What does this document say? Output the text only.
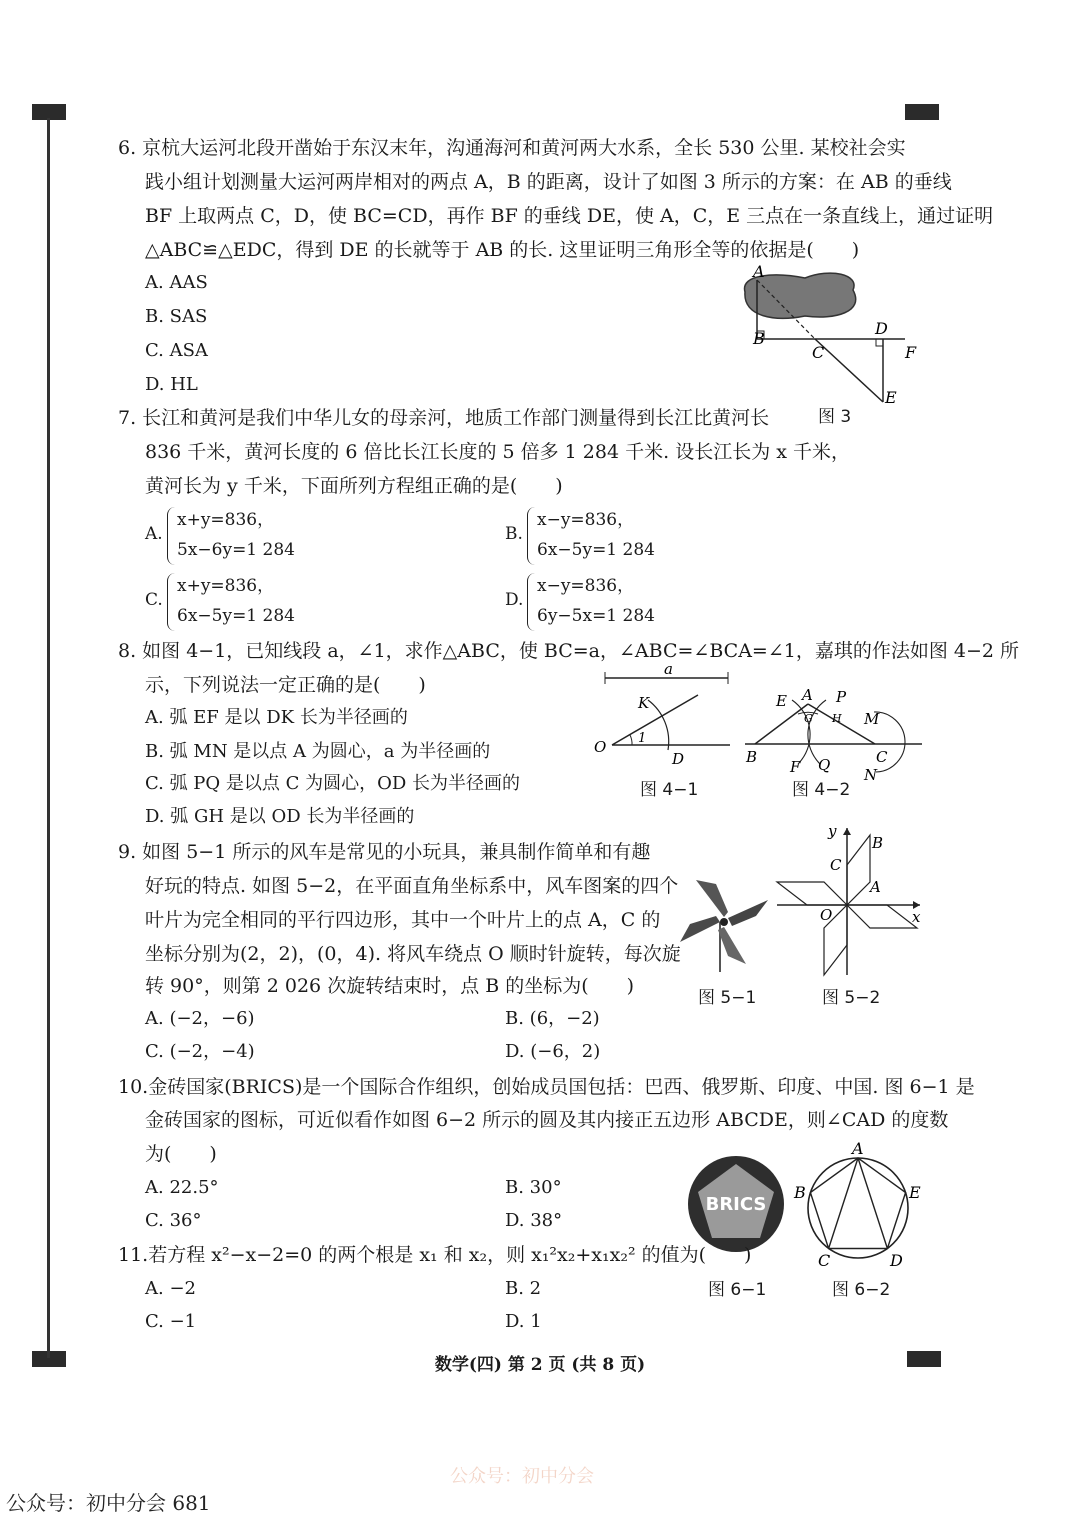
6. 京杭大运河北段开凿始于东汉末年，沟通海河和黄河两大水系，全长 530 公里. 某校社会实
践小组计划测量大运河两岸相对的两点 A，B 的距离，设计了如图 3 所示的方案：在 AB 的垂线
BF 上取两点 C，D，使 BC=CD，再作 BF 的垂线 DE，使 A，C，E 三点在一条直线上，通过证明
△ABC≌△EDC，得到 DE 的长就等于 AB 的长. 这里证明三角形全等的依据是(　　)
A. AAS
B. SAS
C. ASA
D. HL
A
B
C
D
F
E
图 3
7. 长江和黄河是我们中华儿女的母亲河，地质工作部门测量得到长江比黄河长
836 千米，黄河长度的 6 倍比长江长度的 5 倍多 1 284 千米. 设长江长为 x 千米，
黄河长为 y 千米，下面所列方程组正确的是(　　)
A.
x+y=836，
5x−6y=1 284
B.
x−y=836，
6x−5y=1 284
C.
x+y=836，
6x−5y=1 284
D.
x−y=836，
6y−5x=1 284
8. 如图 4−1，已知线段 a，∠1，求作△ABC，使 BC=a，∠ABC=∠BCA=∠1，嘉琪的作法如图 4−2 所
示，下列说法一定正确的是(　　)
A. 弧 EF 是以 DK 长为半径画的
B. 弧 MN 是以点 A 为圆心，a 为半径画的
C. 弧 PQ 是以点 C 为圆心，OD 长为半径画的
D. 弧 GH 是以 OD 长为半径画的
a
K
O 1
D
图 4−1
E A P
G H M
B
F Q	C
N
图 4−2
9. 如图 5−1 所示的风车是常见的小玩具，兼具制作简单和有趣
好玩的特点. 如图 5−2，在平面直角坐标系中，风车图案的四个
叶片为完全相同的平行四边形，其中一个叶片上的点 A，C 的
坐标分别为(2，2)，(0，4). 将风车绕点 O 顺时针旋转，每次旋
转 90°，则第 2 026 次旋转结束时，点 B 的坐标为(　　)
A. (−2，−6)	B. (6，−2)
C. (−2，−4)	D. (−6，2)
图 5−1
y
B
C
A
O	x
图 5−2
10.金砖国家(BRICS)是一个国际合作组织，创始成员国包括：巴西、俄罗斯、印度、中国. 图 6−1 是
金砖国家的图标，可近似看作如图 6−2 所示的圆及其内接正五边形 ABCDE，则∠CAD 的度数
为(　　)
A. 22.5°	B. 30°
C. 36°	D. 38°
BRICS
图 6−1
A
B	E
C	D
图 6−2
11.若方程 x²−x−2=0 的两个根是 x₁ 和 x₂，则 x₁²x₂+x₁x₂² 的值为(　　)
A. −2	B. 2
C. −1	D. 1
数学(四) 第 2 页 (共 8 页)
公众号：初中分会
公众号：初中分会 681
